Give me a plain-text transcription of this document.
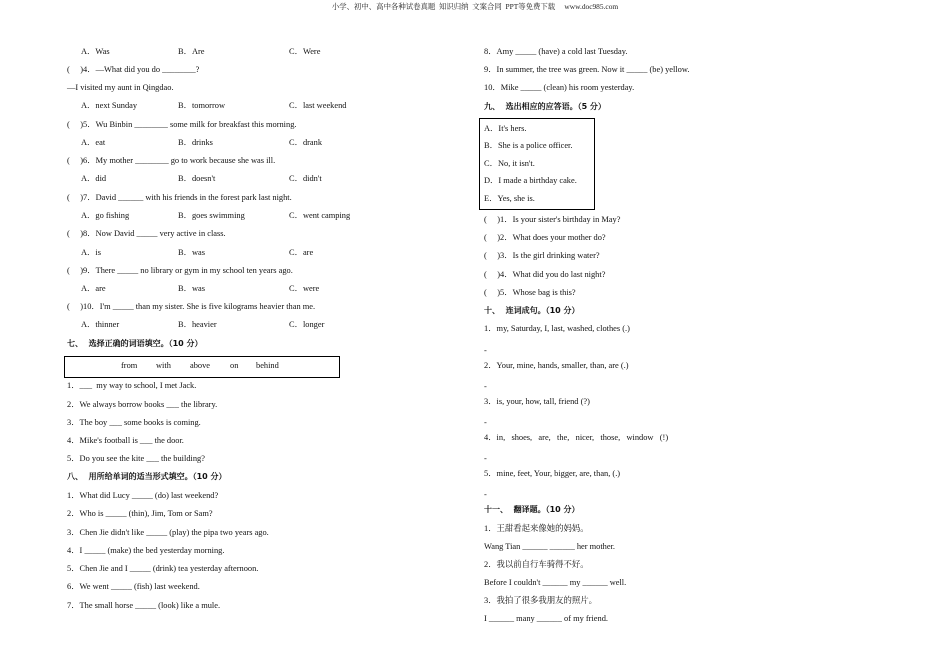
小学、初中、高中各种试卷真题  知识归纳  文案合同  PPT等免费下载     www.doc985.com
A．Was	B．Are	C．Were
(     )4．—What did you do ________?
—I visited my aunt in Qingdao.
A．next Sunday	B．tomorrow	C．last weekend
(     )5．Wu Binbin ________ some milk for breakfast this morning.
A．eat	B．drinks	C．drank
(     )6．My mother ________ go to work because she was ill.
A．did	B．doesn't	C．didn't
(     )7．David ______ with his friends in the forest park last night.
A．go fishing	B．goes swimming	C．went camping
(     )8．Now David _____ very active in class.
A．is	B．was	C．are
(     )9．There _____ no library or gym in my school ten years ago.
A．are	B．was	C．were
(     )10．I'm _____ than my sister. She is five kilograms heavier than me.
A．thinner	B．heavier	C．longer
七、  选择正确的词语填空。（10 分）
from with above on behind
1．___  my way to school, I met Jack.
2．We always borrow books ___ the library.
3．The boy ___ some books is coming.
4．Mike's football is ___ the door.
5．Do you see the kite ___ the building?
八、  用所给单词的适当形式填空。（10 分）
1．What did Lucy _____ (do) last weekend?
2．Who is _____ (thin), Jim, Tom or Sam?
3．Chen Jie didn't like _____ (play) the pipa two years ago.
4．I _____ (make) the bed yesterday morning.
5．Chen Jie and I _____ (drink) tea yesterday afternoon.
6．We went _____ (fish) last weekend.
7．The small horse _____ (look) like a mule.
8．Amy _____ (have) a cold last Tuesday.
9．In summer, the tree was green. Now it _____ (be) yellow.
10．Mike _____ (clean) his room yesterday.
九、  选出相应的应答语。（5 分）
A．It's hers.
B．She is a police officer.
C．No, it isn't.
D．I made a birthday cake.
E．Yes, she is.
(     )1．Is your sister's birthday in May?
(     )2．What does your mother do?
(     )3．Is the girl drinking water?
(     )4．What did you do last night?
(     )5．Whose bag is this?
十、  连词成句。（10 分）
1．my, Saturday, I, last, washed, clothes (.)
-
2．Your, mine, hands, smaller, than, are (.)
-
3．is, your, how, tall, friend (?)
-
4．in,   shoes,   are,   the,   nicer,   those,   window   (!)
-
5．mine, feet, Your, bigger, are, than, (.)
-
十一、  翻译题。（10 分）
1．王甜看起来像她的妈妈。
Wang Tian ______ ______ her mother.
2．我以前自行车骑得不好。
Before I couldn't ______ my ______ well.
3．我拍了很多我朋友的照片。
I ______ many ______ of my friend.
